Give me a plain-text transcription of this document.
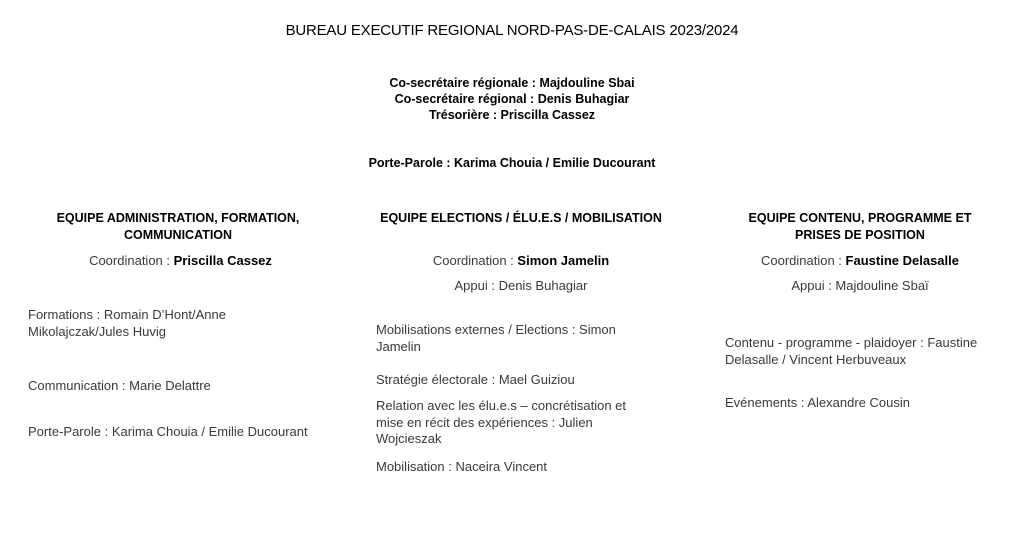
BUREAU EXECUTIF REGIONAL NORD-PAS-DE-CALAIS 2023/2024
Co-secrétaire régionale : Majdouline Sbai
Co-secrétaire régional : Denis Buhagiar
Trésorière : Priscilla Cassez
Porte-Parole : Karima Chouia / Emilie Ducourant
EQUIPE ADMINISTRATION, FORMATION, COMMUNICATION
Coordination : Priscilla Cassez
Formations : Romain D’Hont/Anne Mikolajczak/Jules Huvig
Communication : Marie Delattre
Porte-Parole : Karima Chouia / Emilie Ducourant
EQUIPE ELECTIONS / ÉLU.E.S / MOBILISATION
Coordination : Simon Jamelin
Appui : Denis Buhagiar
Mobilisations externes / Elections : Simon Jamelin
Stratégie électorale : Mael Guiziou
Relation avec les élu.e.s – concrétisation et mise en récit des expériences : Julien Wojcieszak
Mobilisation : Naceira Vincent
EQUIPE CONTENU, PROGRAMME ET PRISES DE POSITION
Coordination : Faustine Delasalle
Appui : Majdouline Sbaï
Contenu - programme - plaidoyer : Faustine Delasalle / Vincent Herbuveaux
Evénements : Alexandre Cousin
